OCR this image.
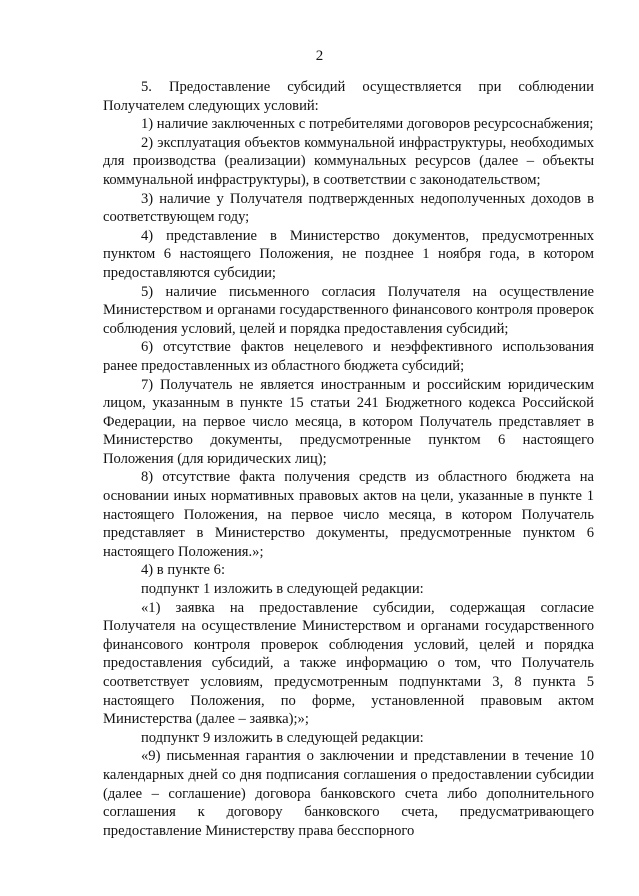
2

5. Предоставление субсидий осуществляется при соблюдении Получателем следующих условий:

1) наличие заключенных с потребителями договоров ресурсоснабжения;

2) эксплуатация объектов коммунальной инфраструктуры, необходимых для производства (реализации) коммунальных ресурсов (далее – объекты коммунальной инфраструктуры), в соответствии с законодательством;

3) наличие у Получателя подтвержденных недополученных доходов в соответствующем году;

4) представление в Министерство документов, предусмотренных пунктом 6 настоящего Положения, не позднее 1 ноября года, в котором предоставляются субсидии;

5) наличие письменного согласия Получателя на осуществление Министерством и органами государственного финансового контроля проверок соблюдения условий, целей и порядка предоставления субсидий;

6) отсутствие фактов нецелевого и неэффективного использования ранее предоставленных из областного бюджета субсидий;

7) Получатель не является иностранным и российским юридическим лицом, указанным в пункте 15 статьи 241 Бюджетного кодекса Российской Федерации, на первое число месяца, в котором Получатель представляет в Министерство документы, предусмотренные пунктом 6 настоящего Положения (для юридических лиц);

8) отсутствие факта получения средств из областного бюджета на основании иных нормативных правовых актов на цели, указанные в пункте 1 настоящего Положения, на первое число месяца, в котором Получатель представляет в Министерство документы, предусмотренные пунктом 6 настоящего Положения.»;

4) в пункте 6:

подпункт 1 изложить в следующей редакции:

«1) заявка на предоставление субсидии, содержащая согласие Получателя на осуществление Министерством и органами государственного финансового контроля проверок соблюдения условий, целей и порядка предоставления субсидий, а также информацию о том, что Получатель соответствует условиям, предусмотренным подпунктами 3, 8 пункта 5 настоящего Положения, по форме, установленной правовым актом Министерства (далее – заявка);»;

подпункт 9 изложить в следующей редакции:

«9) письменная гарантия о заключении и представлении в течение 10 календарных дней со дня подписания соглашения о предоставлении субсидии (далее – соглашение) договора банковского счета либо дополнительного соглашения к договору банковского счета, предусматривающего предоставление Министерству права бесспорного
